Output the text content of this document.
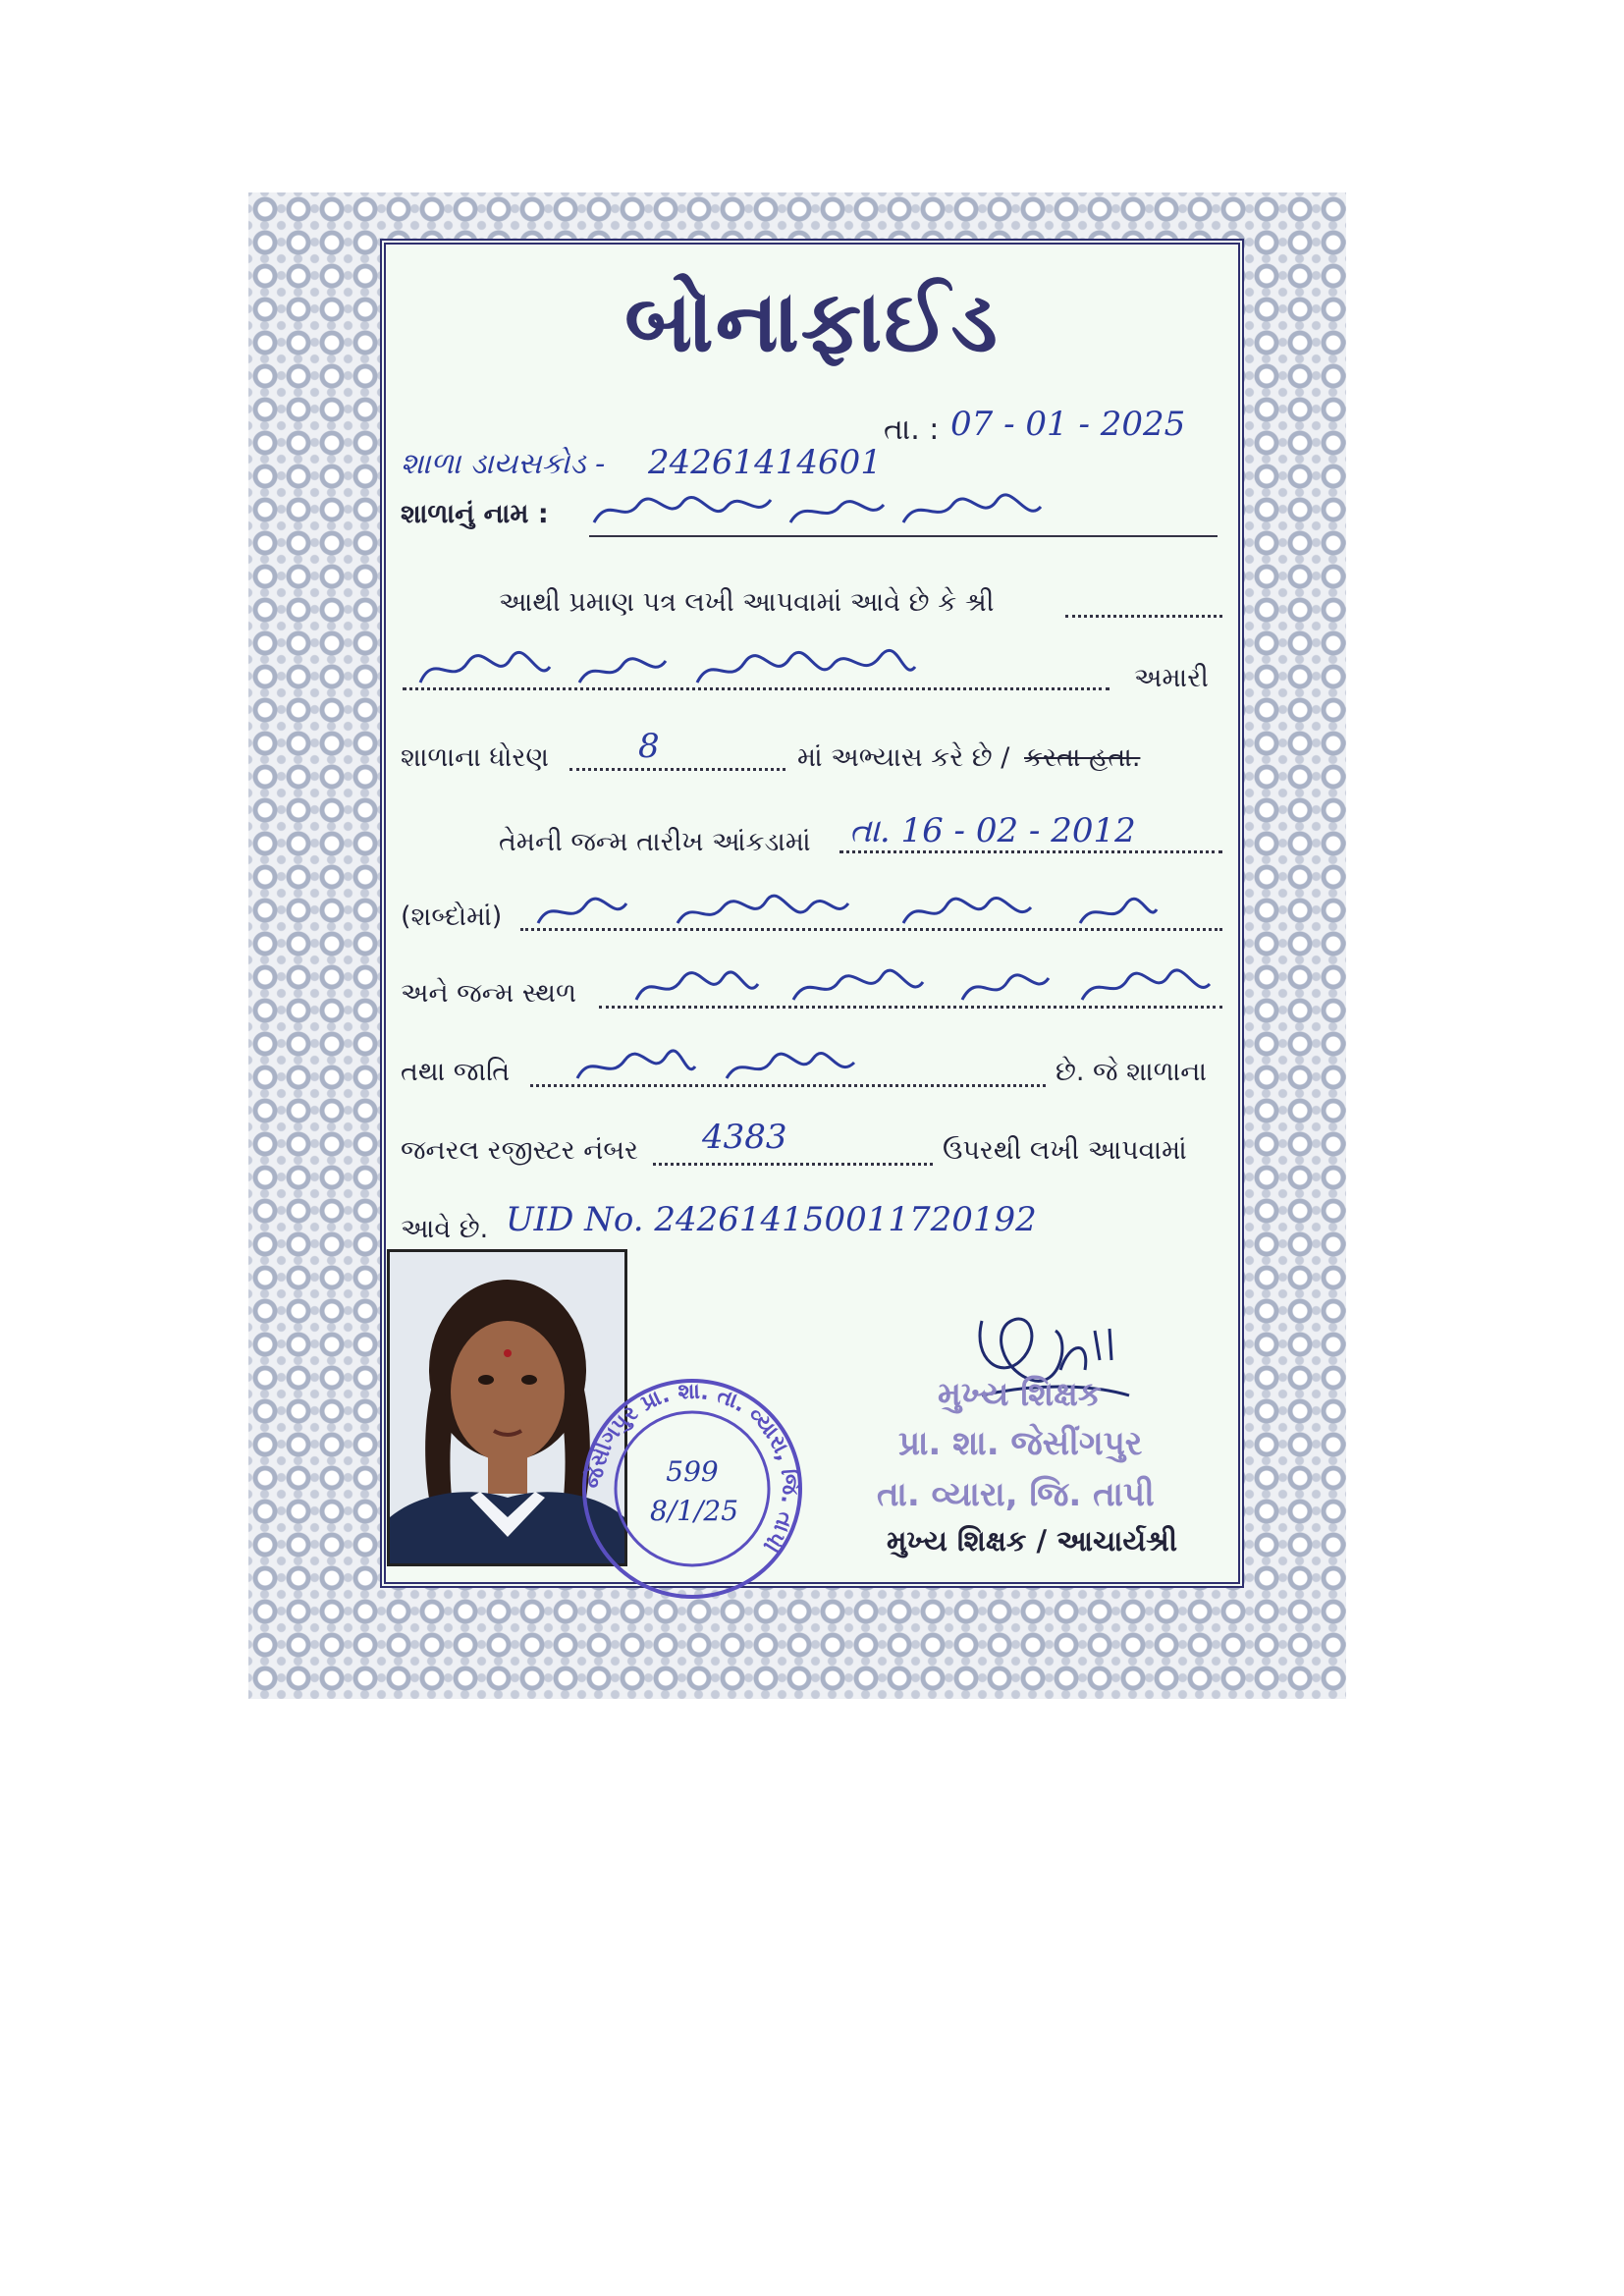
બોનાફાઈડ
તા. : 07 - 01 - 2025
શાળા ડાયસકોડ - 24261414601
શાળાનું નામ :
આથી પ્રમાણ પત્ર લખી આપવામાં આવે છે કે શ્રી
અમારી
શાળાના ધોરણ	8	માં અભ્યાસ કરે છે / કરતા હતા.
તેમની જન્મ તારીખ આંકડામાં તા. 16 - 02 - 2012
(શબ્દોમાં)
અને જન્મ સ્થળ
તથા જાતિ	છે. જે શાળાના
જનરલ રજીસ્ટર નંબર 4383	ઉપરથી લખી આપવામાં
આવે છે. UID No. 242614150011720192
જેસીંગપુર પ્રા. શા. તા. વ્યારા, જિ. તાપી
599
8/1/25
મુખ્ય શિક્ષક
પ્રા. શા. જેસીંગપુર
તા. વ્યારા, જિ. તાપી
મુખ્ય શિક્ષક / આચાર્યશ્રી
